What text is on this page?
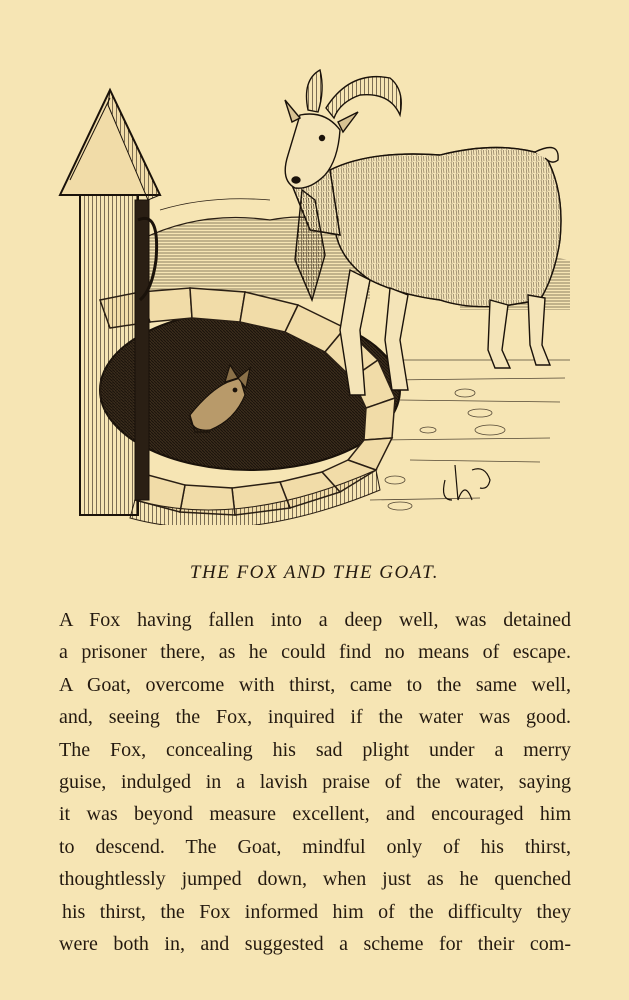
THE FOX AND THE GOAT.
A Fox having fallen into a deep well, was detained
a prisoner there, as he could find no means of escape.
A Goat, overcome with thirst, came to the same well,
and, seeing the Fox, inquired if the water was good.
The Fox, concealing his sad plight under a merry
guise, indulged in a lavish praise of the water, saying
it was beyond measure excellent, and encouraged him
to descend. The Goat, mindful only of his thirst,
thoughtlessly jumped down, when just as he quenched
his thirst, the Fox informed him of the difficulty they
were both in, and suggested a scheme for their com-
